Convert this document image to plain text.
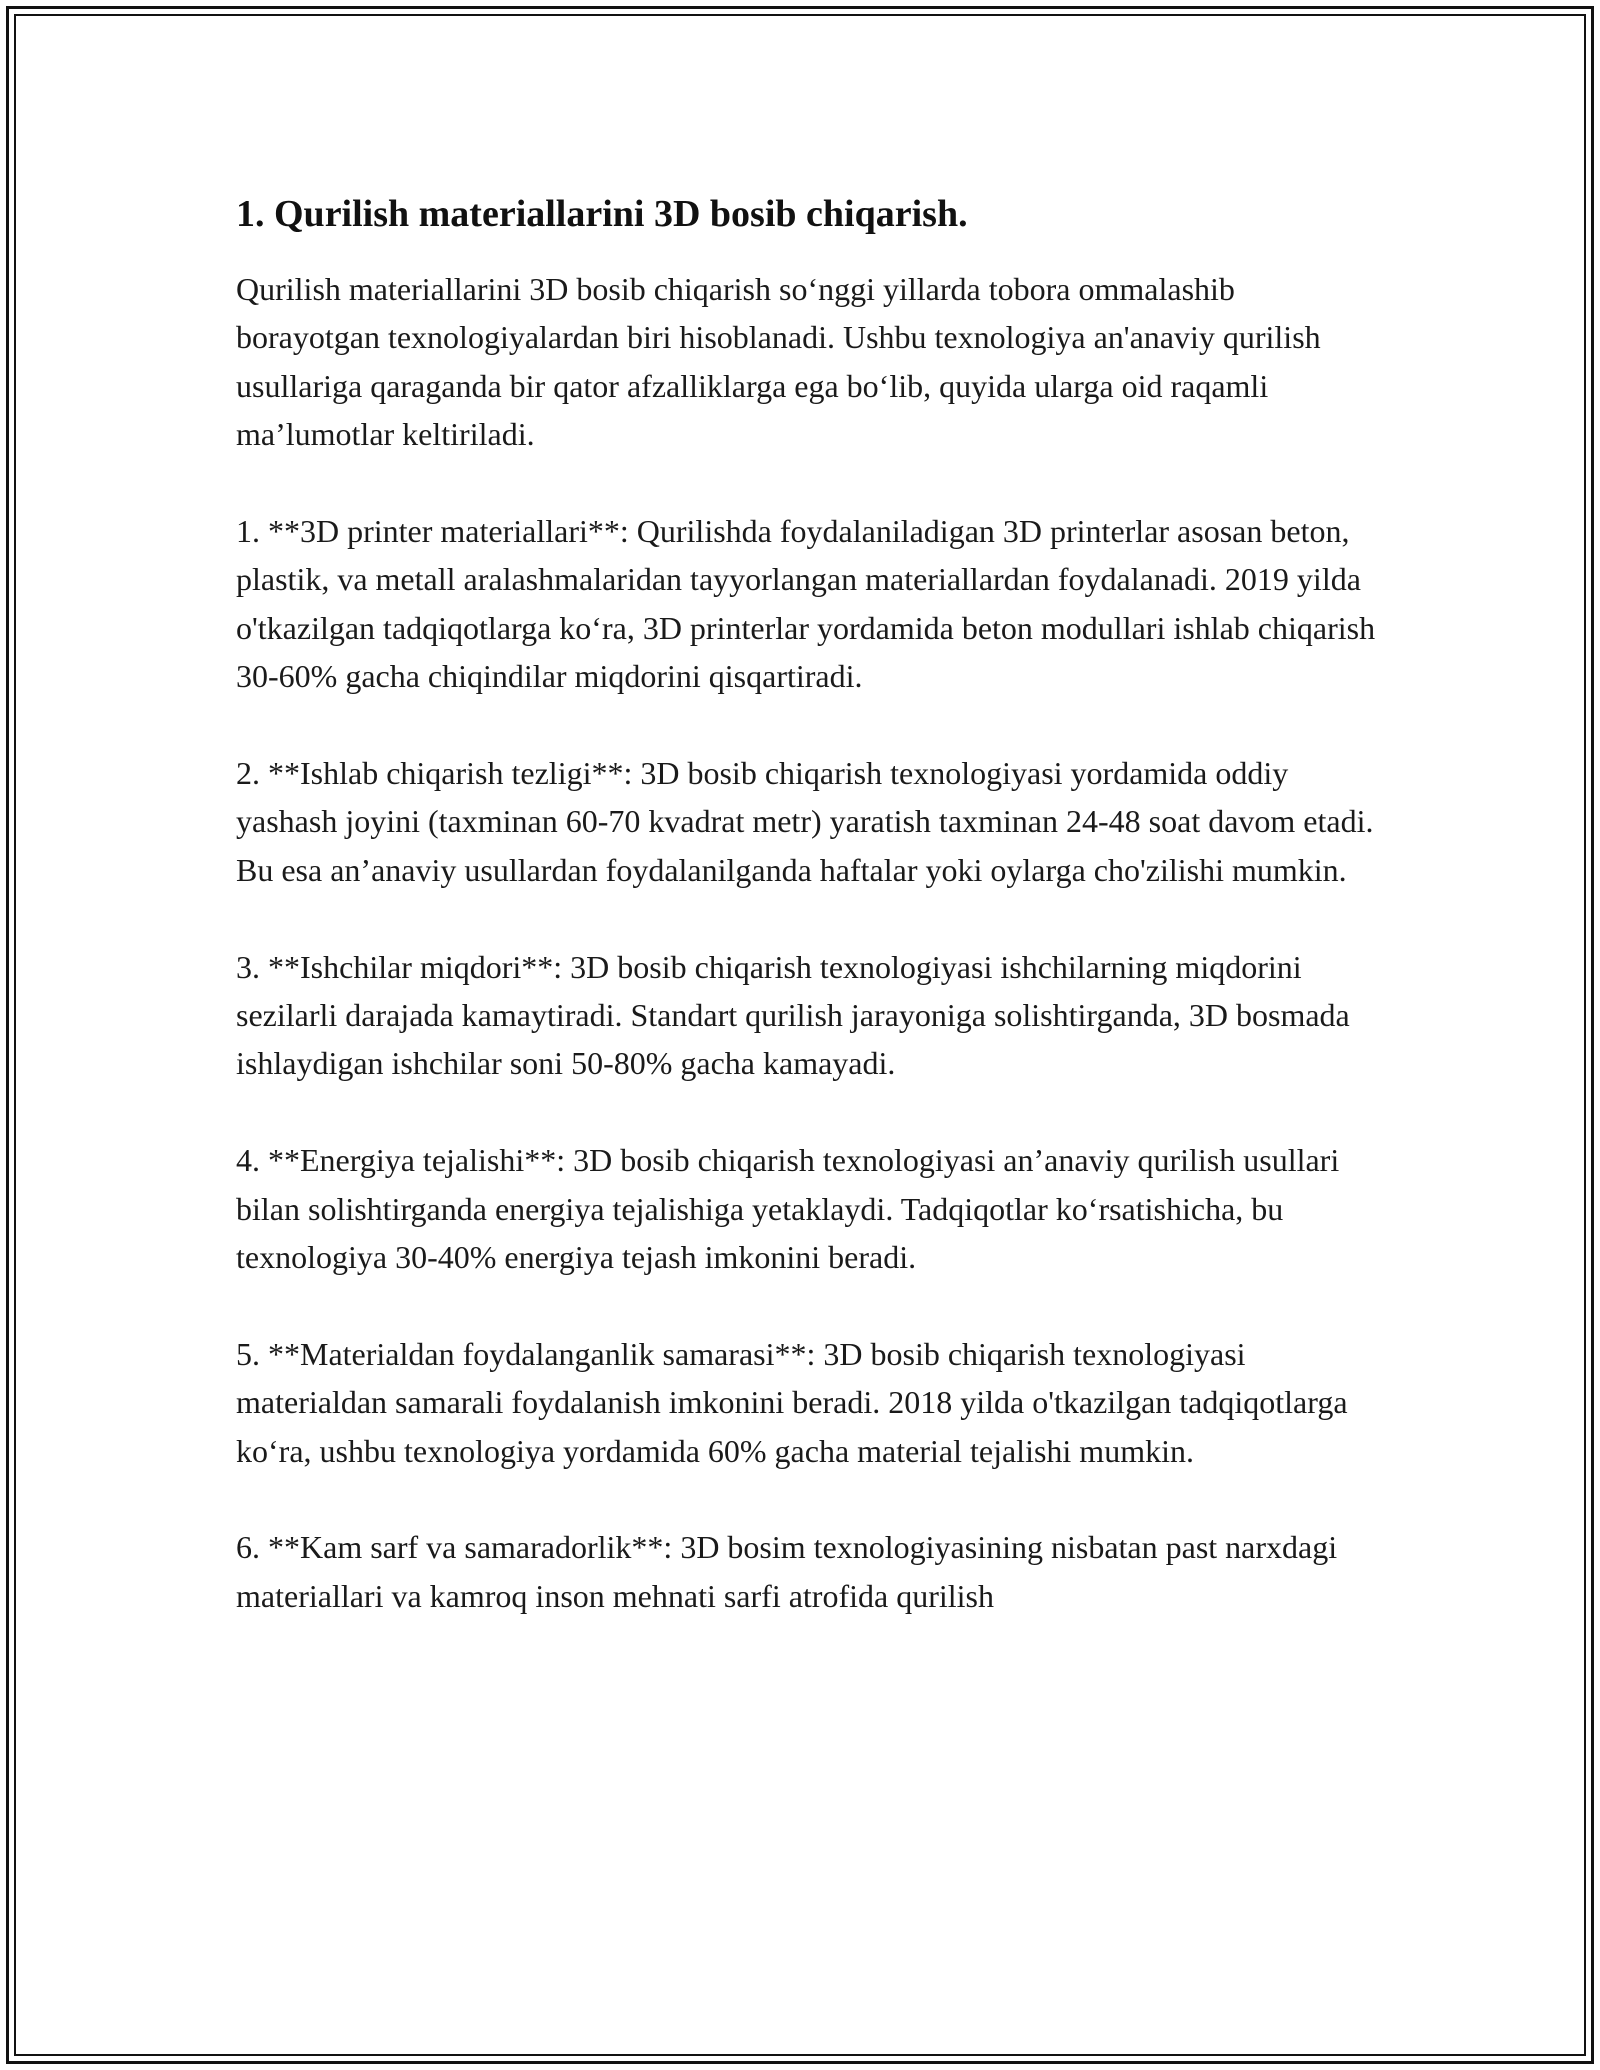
1. Qurilish materiallarini 3D bosib chiqarish.

Qurilish materiallarini 3D bosib chiqarish so‘nggi yillarda tobora ommalashib borayotgan texnologiyalardan biri hisoblanadi. Ushbu texnologiya an'anaviy qurilish usullariga qaraganda bir qator afzalliklarga ega bo‘lib, quyida ularga oid raqamli ma’lumotlar keltiriladi.

1. **3D printer materiallari**: Qurilishda foydalaniladigan 3D printerlar asosan beton, plastik, va metall aralashmalaridan tayyorlangan materiallardan foydalanadi. 2019 yilda o'tkazilgan tadqiqotlarga ko‘ra, 3D printerlar yordamida beton modullari ishlab chiqarish 30-60% gacha chiqindilar miqdorini qisqartiradi.

2. **Ishlab chiqarish tezligi**: 3D bosib chiqarish texnologiyasi yordamida oddiy yashash joyini (taxminan 60-70 kvadrat metr) yaratish taxminan 24-48 soat davom etadi. Bu esa an’anaviy usullardan foydalanilganda haftalar yoki oylarga cho'zilishi mumkin.

3. **Ishchilar miqdori**: 3D bosib chiqarish texnologiyasi ishchilarning miqdorini sezilarli darajada kamaytiradi. Standart qurilish jarayoniga solishtirganda, 3D bosmada ishlaydigan ishchilar soni 50-80% gacha kamayadi.

4. **Energiya tejalishi**: 3D bosib chiqarish texnologiyasi an’anaviy qurilish usullari bilan solishtirganda energiya tejalishiga yetaklaydi. Tadqiqotlar ko‘rsatishicha, bu texnologiya 30-40% energiya tejash imkonini beradi.

5. **Materialdan foydalanganlik samarasi**: 3D bosib chiqarish texnologiyasi materialdan samarali foydalanish imkonini beradi. 2018 yilda o'tkazilgan tadqiqotlarga ko‘ra, ushbu texnologiya yordamida 60% gacha material tejalishi mumkin.

6. **Kam sarf va samaradorlik**: 3D bosim texnologiyasining nisbatan past narxdagi materiallari va kamroq inson mehnati sarfi atrofida qurilish
